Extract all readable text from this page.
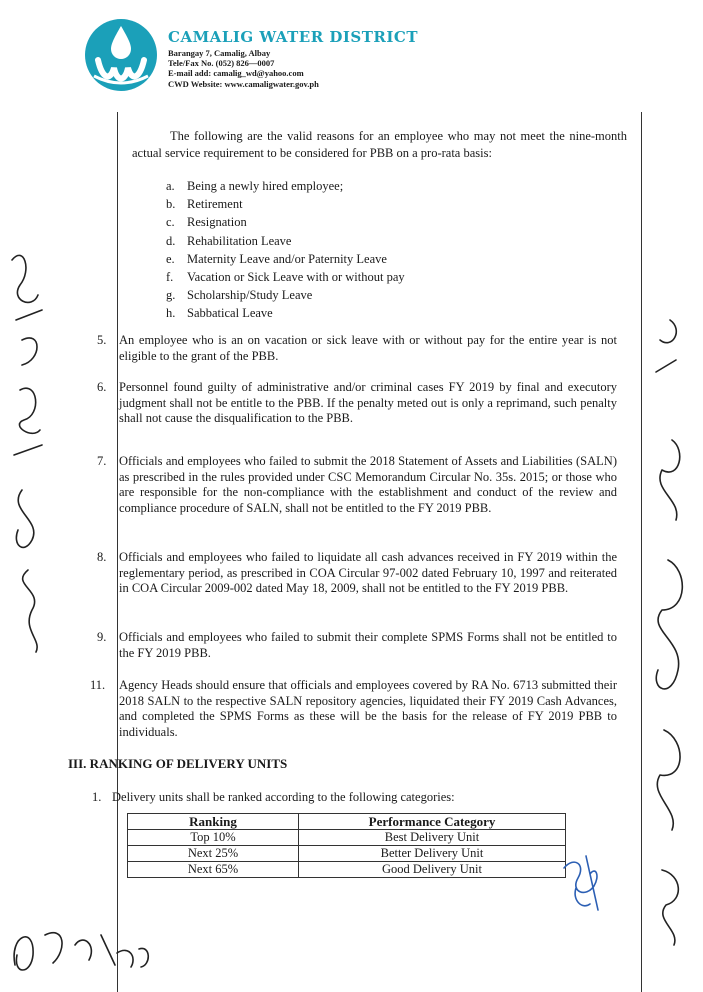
CAMALIG WATER DISTRICT
Barangay 7, Camalig, Albay
Tele/Fax No. (052) 826—0007
E-mail add: camalig_wd@yahoo.com
CWD Website: www.camaligwater.gov.ph
The following are the valid reasons for an employee who may not meet the nine-month actual service requirement to be considered for PBB on a pro-rata basis:
a. Being a newly hired employee;
b. Retirement
c. Resignation
d. Rehabilitation Leave
e. Maternity Leave and/or Paternity Leave
f. Vacation or Sick Leave with or without pay
g. Scholarship/Study Leave
h. Sabbatical Leave
5. An employee who is an on vacation or sick leave with or without pay for the entire year is not eligible to the grant of the PBB.
6. Personnel found guilty of administrative and/or criminal cases FY 2019 by final and executory judgment shall not be entitle to the PBB. If the penalty meted out is only a reprimand, such penalty shall not cause the disqualification to the PBB.
7. Officials and employees who failed to submit the 2018 Statement of Assets and Liabilities (SALN) as prescribed in the rules provided under CSC Memorandum Circular No. 35s. 2015; or those who are responsible for the non-compliance with the establishment and conduct of the review and compliance procedure of SALN, shall not be entitled to the FY 2019 PBB.
8. Officials and employees who failed to liquidate all cash advances received in FY 2019 within the reglementary period, as prescribed in COA Circular 97-002 dated February 10, 1997 and reiterated in COA Circular 2009-002 dated May 18, 2009, shall not be entitled to the FY 2019 PBB.
9. Officials and employees who failed to submit their complete SPMS Forms shall not be entitled to the FY 2019 PBB.
11. Agency Heads should ensure that officials and employees covered by RA No. 6713 submitted their 2018 SALN to the respective SALN repository agencies, liquidated their FY 2019 Cash Advances, and completed the SPMS Forms as these will be the basis for the release of FY 2019 PBB to individuals.
III. RANKING OF DELIVERY UNITS
1. Delivery units shall be ranked according to the following categories:
Ranking	Performance Category
Top 10%	Best Delivery Unit
Next 25%	Better Delivery Unit
Next 65%	Good Delivery Unit
